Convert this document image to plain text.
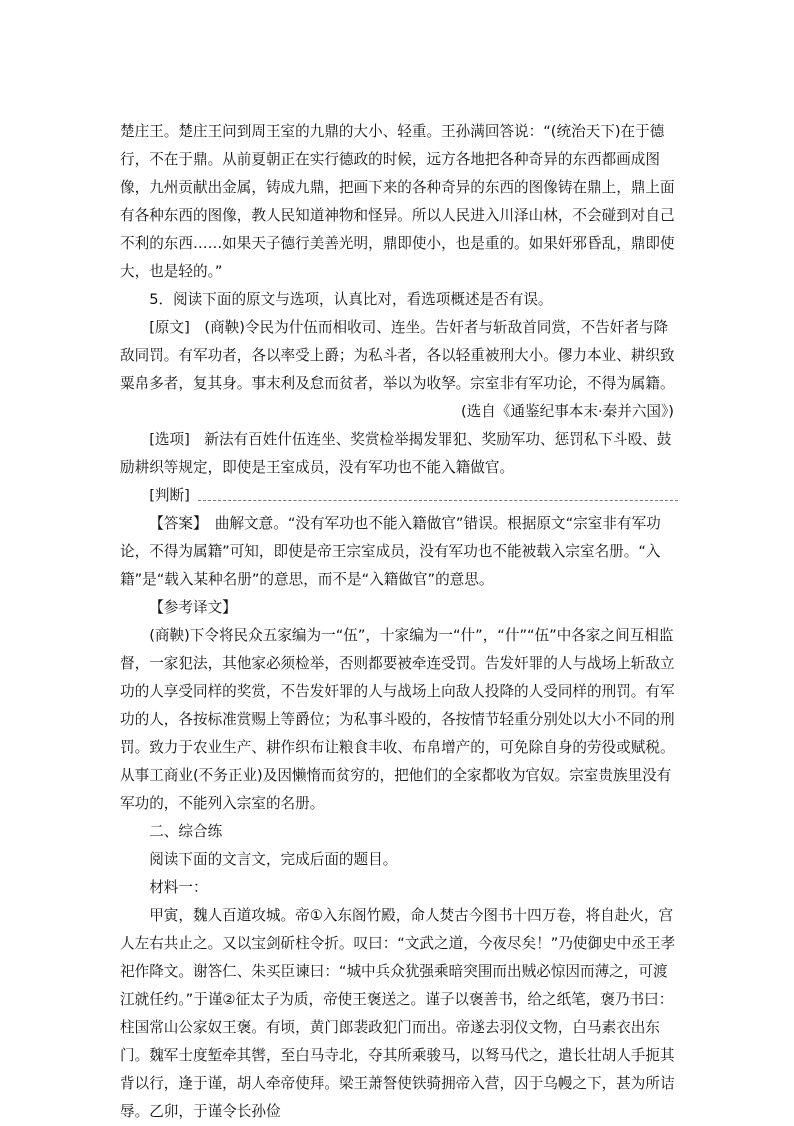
楚庄王。楚庄王问到周王室的九鼎的大小、轻重。王孙满回答说：“(统治天下)在于德行，不在于鼎。从前夏朝正在实行德政的时候，远方各地把各种奇异的东西都画成图像，九州贡献出金属，铸成九鼎，把画下来的各种奇异的东西的图像铸在鼎上，鼎上面有各种东西的图像，教人民知道神物和怪异。所以人民进入川泽山林，不会碰到对自己不利的东西……如果天子德行美善光明，鼎即使小，也是重的。如果奸邪昏乱，鼎即使大，也是轻的。”

5．阅读下面的原文与选项，认真比对，看选项概述是否有误。

[原文]　(商鞅)令民为什伍而相收司、连坐。告奸者与斩敌首同赏，不告奸者与降敌同罚。有军功者，各以率受上爵；为私斗者，各以轻重被刑大小。僇力本业、耕织致粟帛多者，复其身。事末利及怠而贫者，举以为收孥。宗室非有军功论，不得为属籍。

(选自《通鉴纪事本末·秦并六国》)

[选项]　新法有百姓什伍连坐、奖赏检举揭发罪犯、奖励军功、惩罚私下斗殴、鼓励耕织等规定，即使是王室成员，没有军功也不能入籍做官。

[判断]

【答案】　曲解文意。“没有军功也不能入籍做官”错误。根据原文“宗室非有军功论，不得为属籍”可知，即使是帝王宗室成员，没有军功也不能被载入宗室名册。“入籍”是“载入某种名册”的意思，而不是“入籍做官”的意思。

【参考译文】

(商鞅)下令将民众五家编为一“伍”，十家编为一“什”，“什”“伍”中各家之间互相监督，一家犯法，其他家必须检举，否则都要被牵连受罚。告发奸罪的人与战场上斩敌立功的人享受同样的奖赏，不告发奸罪的人与战场上向敌人投降的人受同样的刑罚。有军功的人，各按标准赏赐上等爵位；为私事斗殴的，各按情节轻重分别处以大小不同的刑罚。致力于农业生产、耕作织布让粮食丰收、布帛增产的，可免除自身的劳役或赋税。从事工商业(不务正业)及因懒惰而贫穷的，把他们的全家都收为官奴。宗室贵族里没有军功的，不能列入宗室的名册。

二、综合练

阅读下面的文言文，完成后面的题目。

材料一：

甲寅，魏人百道攻城。帝①入东阁竹殿，命人焚古今图书十四万卷，将自赴火，宫人左右共止之。又以宝剑斫柱令折。叹曰：“文武之道，今夜尽矣！”乃使御史中丞王孝祀作降文。谢答仁、朱买臣谏曰：“城中兵众犹强乘暗突围而出贼必惊因而薄之，可渡江就任约。”于谨②征太子为质，帝使王褒送之。谨子以褒善书，给之纸笔，褒乃书曰：柱国常山公家奴王褒。有顷，黄门郎裴政犯门而出。帝遂去羽仪文物，白马素衣出东门。魏军士度堑牵其辔，至白马寺北，夺其所乘骏马，以驽马代之，遣长壮胡人手扼其背以行，逢于谨，胡人牵帝使拜。梁王萧詧使铁骑拥帝入营，囚于乌幔之下，甚为所诘辱。乙卯，于谨令长孙俭
